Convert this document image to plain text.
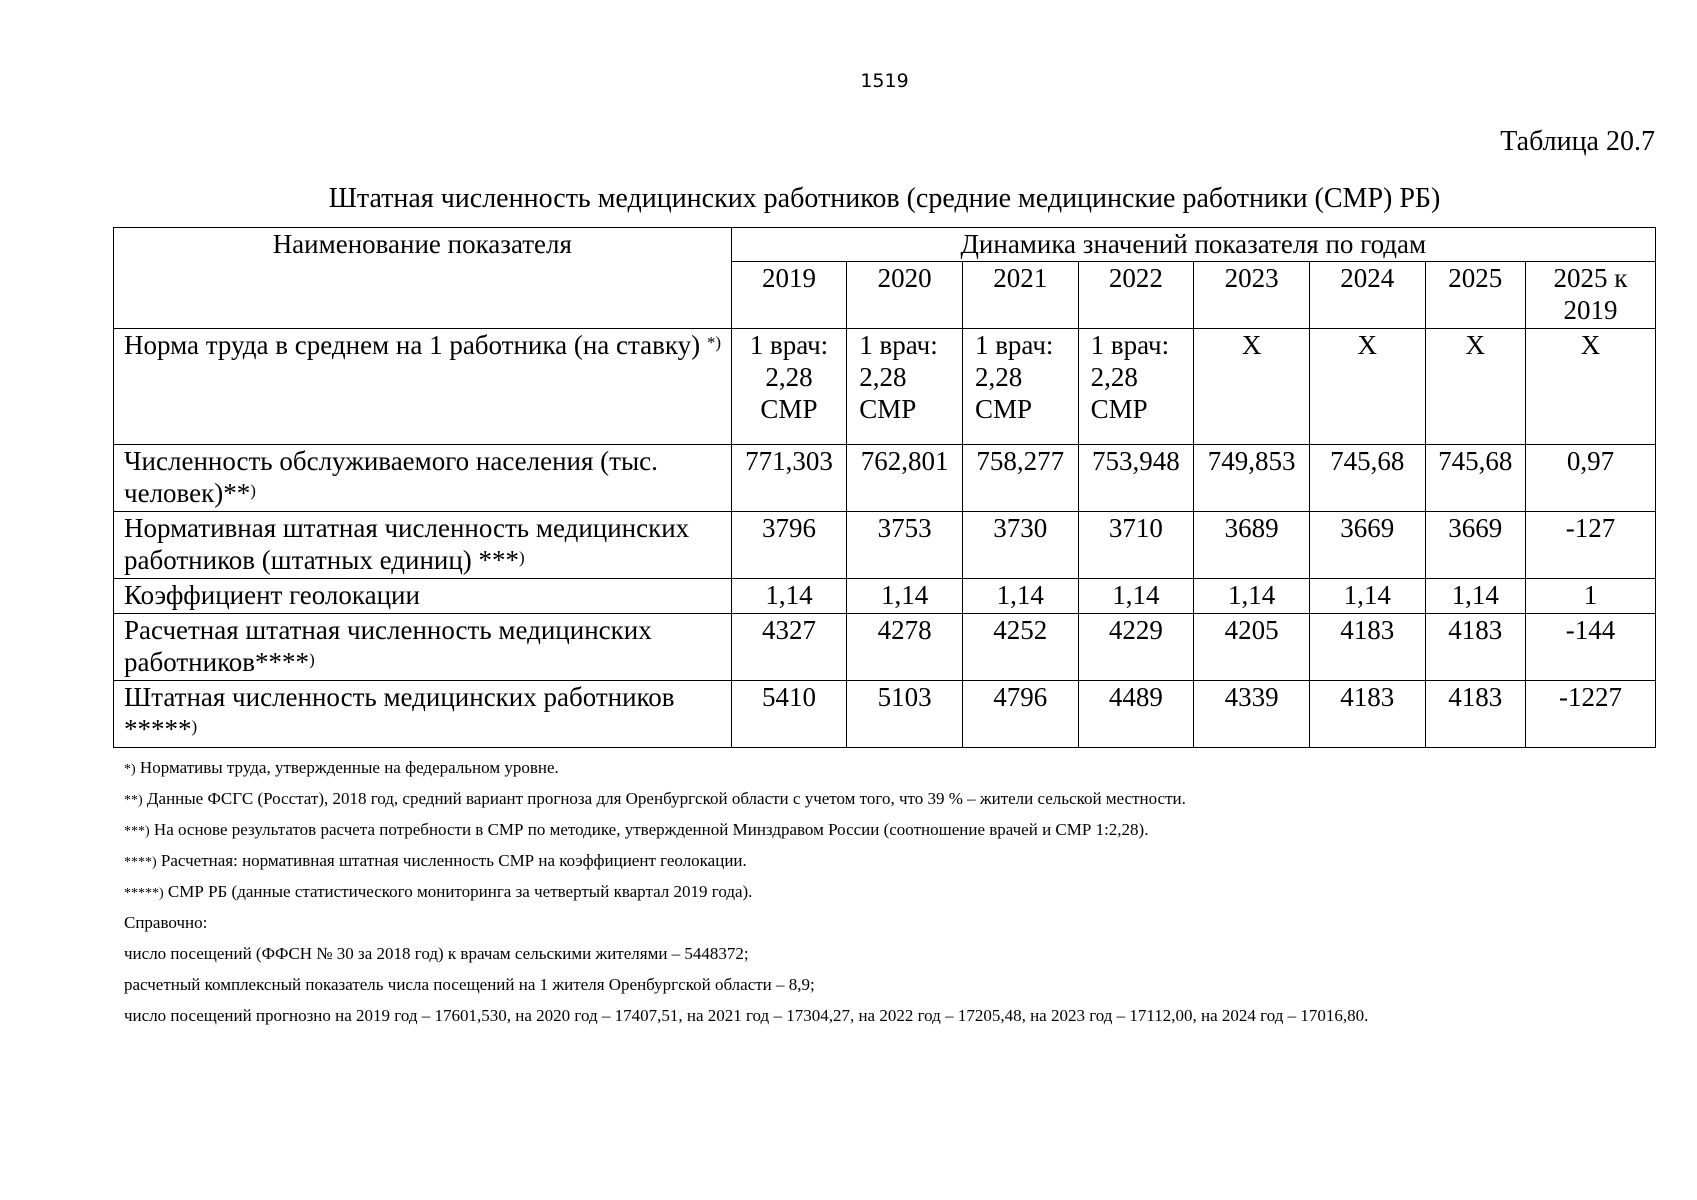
1519
Таблица 20.7
Штатная численность медицинских работников (средние медицинские работники (СМР) РБ)
Наименование показателя	Динамика значений показателя по годам							
	2019	2020	2021	2022	2023	2024	2025	2025 к 2019
Норма труда в среднем на 1 работника (на ставку) *)	1 врач: 2,28 СМР	1 врач: 2,28 СМР	1 врач: 2,28 СМР	1 врач: 2,28 СМР	Х	Х	Х	Х
Численность обслуживаемого населения (тыс. человек)**)	771,303	762,801	758,277	753,948	749,853	745,68	745,68	0,97
Нормативная штатная численность медицинских работников (штатных единиц) ***)	3796	3753	3730	3710	3689	3669	3669	-127
Коэффициент геолокации	1,14	1,14	1,14	1,14	1,14	1,14	1,14	1
Расчетная штатная численность медицинских работников****)	4327	4278	4252	4229	4205	4183	4183	-144
Штатная численность медицинских работников *****)	5410	5103	4796	4489	4339	4183	4183	-1227
*) Нормативы труда, утвержденные на федеральном уровне.
**) Данные ФСГС (Росстат), 2018 год, средний вариант прогноза для Оренбургской области с учетом того, что 39 % – жители сельской местности.
***) На основе результатов расчета потребности в СМР по методике, утвержденной Минздравом России (соотношение врачей и СМР 1:2,28).
****) Расчетная: нормативная штатная численность СМР на коэффициент геолокации.
*****) СМР РБ (данные статистического мониторинга за четвертый квартал 2019 года).
Справочно:
число посещений (ФФСН № 30 за 2018 год) к врачам сельскими жителями – 5448372;
расчетный комплексный показатель числа посещений на 1 жителя Оренбургской области – 8,9;
число посещений прогнозно на 2019 год – 17601,530, на 2020 год – 17407,51, на 2021 год – 17304,27, на 2022 год – 17205,48, на 2023 год – 17112,00, на 2024 год – 17016,80.
